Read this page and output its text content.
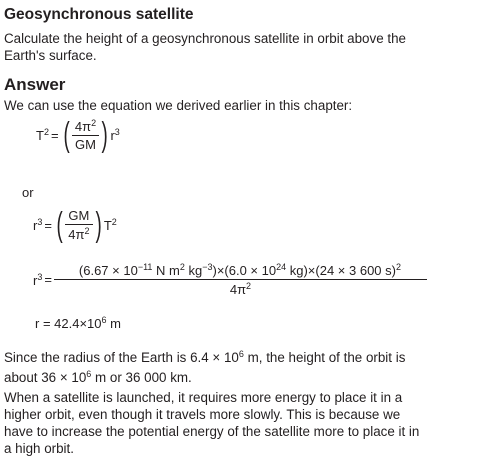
Geosynchronous satellite
Calculate the height of a geosynchronous satellite in orbit above the
Earth's surface.
Answer
We can use the equation we derived earlier in this chapter:
$T^2$ = ( $\frac{4\pi^2}{GM}$ ) $r^3$
or
$r^3$ = ( $\frac{GM}{4\pi^2}$ ) $T^2$
$r^3 = \frac{(6.67 \times 10^{-11} N m^2 kg^{-3})\times(6.0 \times 10^{24} kg)\times(24 \times 3 600 s)^2}{4\pi^2}$
$r = 42.4\times 10^6$ m
Since the radius of the Earth is $6.4 \times 10^6$ m, the height of the orbit is
about $36 \times 10^6$ m or 36 000 km.
When a satellite is launched, it requires more energy to place it in a
higher orbit, even though it travels more slowly. This is because we
have to increase the potential energy of the satellite more to place it in
a high orbit.
